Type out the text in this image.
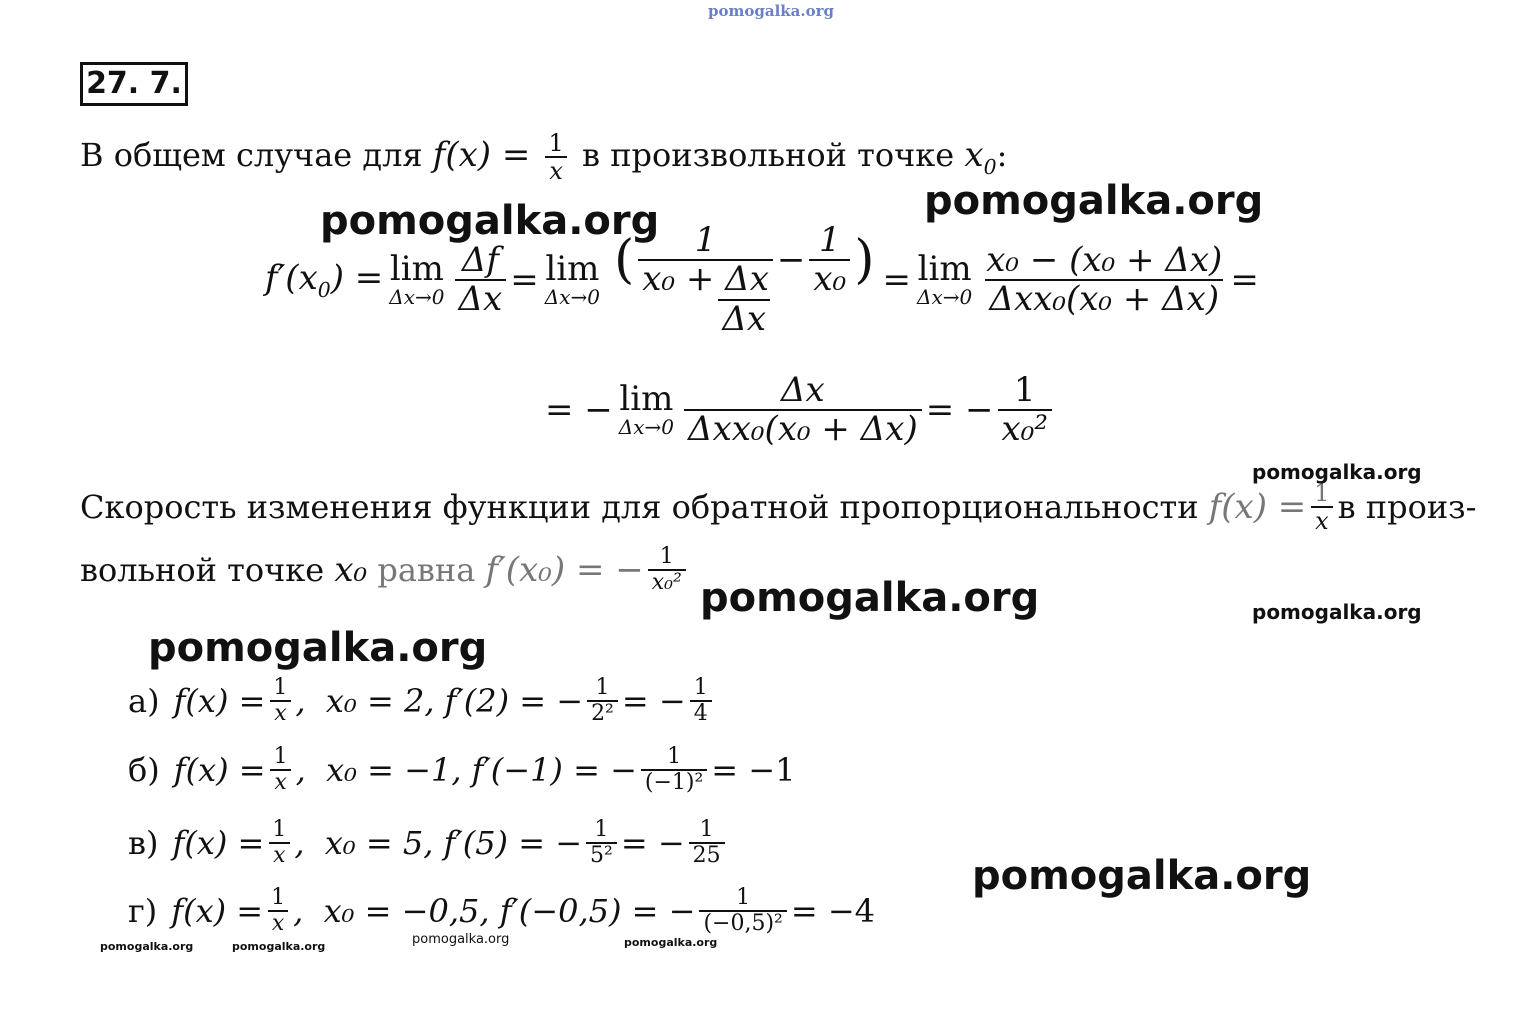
pomogalka.org
27. 7.
В общем случае для $f(x) = \frac{1}{x}$ в произвольной точке $x_0$:
$f'(x_0) = \lim$
$\Delta x\to 0 \frac{\Delta f}{\Delta x} = \lim$
$\Delta x\to 0 \frac{( \frac{1}{\text{x₀ + Δx}} - \frac{1}{\text{x₀}} )}{\Delta x} = \lim$
$\Delta x\to 0 \frac{\text{x₀ − (x₀ + Δx)}}{\text{Δxx₀(x₀ + Δx)}}$ =
= − lim
$\Delta x\to 0 \frac{\Delta x}{\text{Δxx₀(x₀ + Δx)}}$ = − $\frac{1}{\text{x₀²}}$
Скорость изменения функции для обратной пропорциональности
$f(x) = \frac{1}{x}$ в произ-
вольной точке
x₀
равна
f′(x₀) = − $\frac{1}{\text{x₀²}}$
а) $f(x) = \frac{1}{x}$ ,  x₀ = 2,
f′(2) = − $\frac{1}{\text{2²}}$ = − $\frac{1}{4}$
б) $f(x) = \frac{1}{x}$ ,  x₀ = −1,
f′(−1) = − $\frac{1}{\text{(−1)²}} = -1$
в) $f(x) = \frac{1}{x}$ ,  x₀ = 5,
f′(5) = − $\frac{1}{\text{5²}}$ = − $\frac{1}{25}$
г) $f(x) = \frac{1}{x}$ ,  x₀ = −0,5,
f′(−0,5) = − $\frac{1}{\text{(−0,5)²}} = -4$
pomogalka.org	pomogalka.org
pomogalka.org
pomogalka.org	pomogalka.org
pomogalka.org
pomogalka.org
pomogalka.org	pomogalka.org	pomogalka.org	pomogalka.org
